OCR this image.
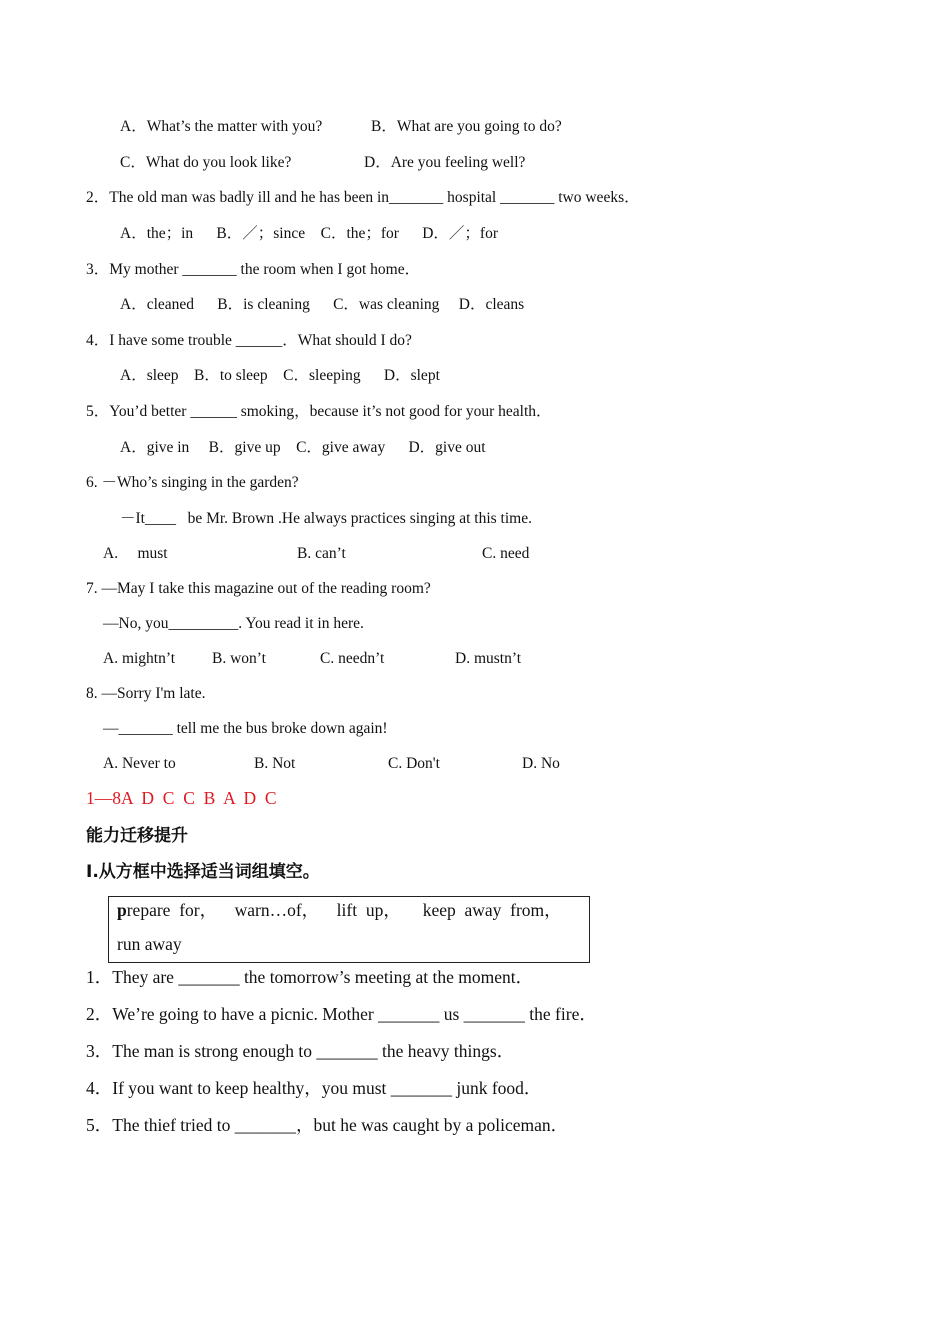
A．What’s the matter with you?	B．What are you going to do?
C．What do you look like?	D．Are you feeling well?
2．The old man was badly ill and he has been in_______ hospital _______ two weeks．
A．the；in      B．／；since    C．the；for      D．／；for
3．My mother _______ the room when I got home．
A．cleaned      B．is cleaning      C．was cleaning     D．cleans
4．I have some trouble ______．What should I do?
A．sleep    B．to sleep    C．sleeping      D．slept
5．You’d better ______ smoking，because it’s not good for your health．
A．give in     B．give up    C．give away      D．give out
6. －Who’s singing in the garden?
－It____   be Mr. Brown .He always practices singing at this time.
A.     must	B. can’t	C. need
7. —May I take this magazine out of the reading room?
—No, you_________. You read it in here.
A. mightn’t B. won’t	C. needn’t	D. mustn’t
8. —Sorry I'm late.
—_______ tell me the bus broke down again!
A. Never to	B. Not	C. Don't	D. No
1—8A  D  C  C  B  A  D  C
能力迁移提升
I.从方框中选择适当词组填空。
prepare  for，    warn…of，    lift  up，     keep  away  from，
run away
1．They are _______ the tomorrow’s meeting at the moment．
2．We’re going to have a picnic. Mother _______ us _______ the fire．
3．The man is strong enough to _______ the heavy things．
4．If you want to keep healthy，you must _______ junk food．
5．The thief tried to _______，but he was caught by a policeman．
